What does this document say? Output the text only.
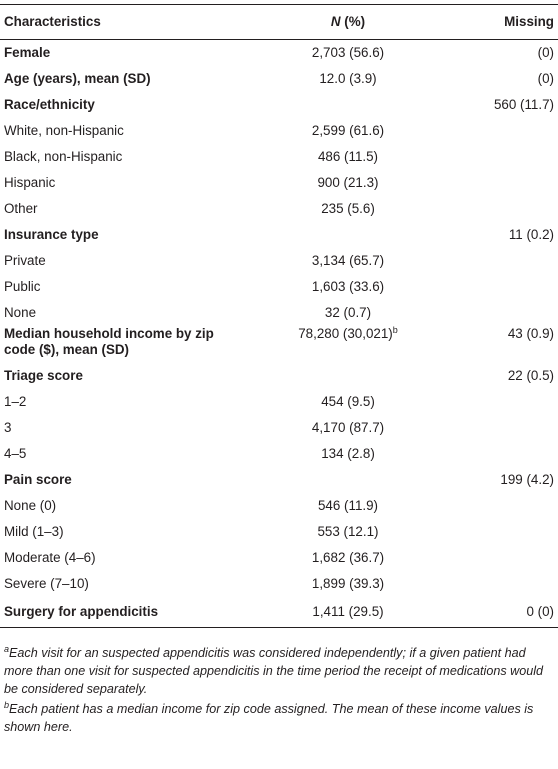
Characteristics	N (%)	Missing
Female	2,703 (56.6)	(0)
Age (years), mean (SD)	12.0 (3.9)	(0)
Race/ethnicity		560 (11.7)
White, non-Hispanic	2,599 (61.6)	
Black, non-Hispanic	486 (11.5)	
Hispanic	900 (21.3)	
Other	235 (5.6)	
Insurance type		11 (0.2)
Private	3,134 (65.7)	
Public	1,603 (33.6)	
None	32 (0.7)	
Median household income by zip code ($), mean (SD)	78,280 $(30,021)^b$	43 (0.9)
Triage score		22 (0.5)
1–2	454 (9.5)	
3	4,170 (87.7)	
4–5	134 (2.8)	
Pain score		199 (4.2)
None (0)	546 (11.9)	
Mild (1–3)	553 (12.1)	
Moderate (4–6)	1,682 (36.7)	
Severe (7–10)	1,899 (39.3)	
Surgery for appendicitis	1,411 (29.5)	0 (0)

$^a$Each visit for an suspected appendicitis was considered independently; if a given patient had more than one visit for suspected appendicitis in the time period the receipt of medications would be considered separately.

$^b$Each patient has a median income for zip code assigned. The mean of these income values is shown here.
